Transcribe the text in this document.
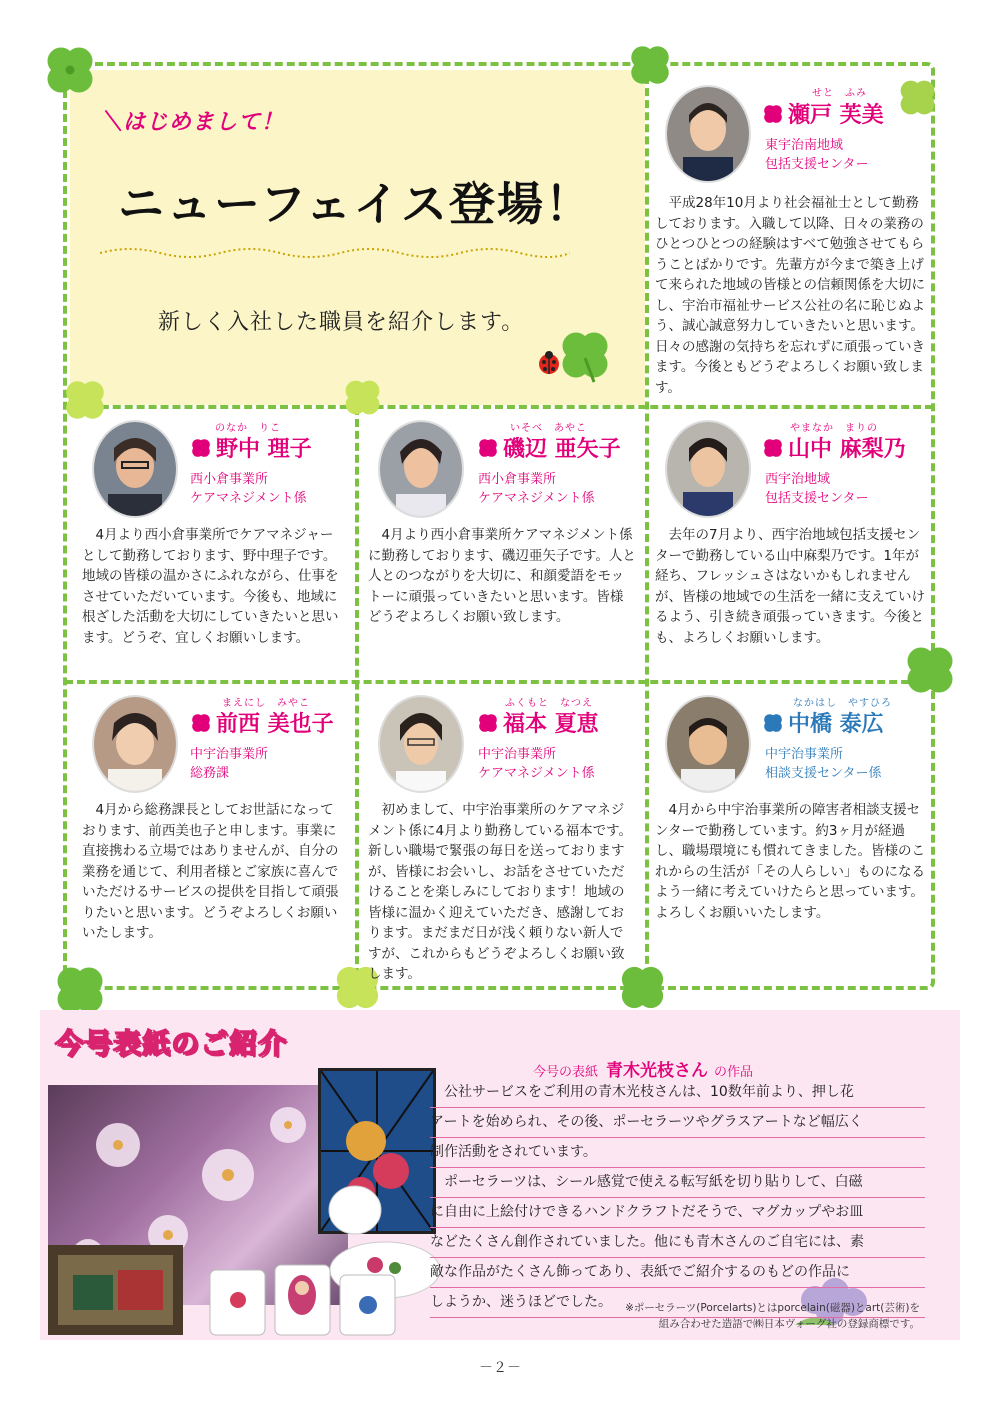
＼はじめまして！
ニューフェイス登場！
新しく入社した職員を紹介します。
せと　ふみ
瀬戸 芙美
東宇治南地域
包括支援センター
平成28年10月より社会福祉士として勤務しております。入職して以降、日々の業務のひとつひとつの経験はすべて勉強させてもらうことばかりです。先輩方が今まで築き上げて来られた地域の皆様との信頼関係を大切にし、宇治市福祉サービス公社の名に恥じぬよう、誠心誠意努力していきたいと思います。日々の感謝の気持ちを忘れずに頑張っていきます。今後ともどうぞよろしくお願い致します。
のなか　りこ
野中 理子
西小倉事業所
ケアマネジメント係
4月より西小倉事業所でケアマネジャーとして勤務しております、野中理子です。地域の皆様の温かさにふれながら、仕事をさせていただいています。今後も、地域に根ざした活動を大切にしていきたいと思います。どうぞ、宜しくお願いします。
いそべ　あやこ
磯辺 亜矢子
西小倉事業所
ケアマネジメント係
4月より西小倉事業所ケアマネジメント係に勤務しております、磯辺亜矢子です。人と人とのつながりを大切に、和顔愛語をモットーに頑張っていきたいと思います。皆様どうぞよろしくお願い致します。
やまなか　まりの
山中 麻梨乃
西宇治地域
包括支援センター
去年の7月より、西宇治地域包括支援センターで勤務している山中麻梨乃です。1年が経ち、フレッシュさはないかもしれませんが、皆様の地域での生活を一緒に支えていけるよう、引き続き頑張っていきます。今後とも、よろしくお願いします。
まえにし　みやこ
前西 美也子
中宇治事業所
総務課
4月から総務課長としてお世話になっております、前西美也子と申します。事業に直接携わる立場ではありませんが、自分の業務を通じて、利用者様とご家族に喜んでいただけるサービスの提供を目指して頑張りたいと思います。どうぞよろしくお願いいたします。
ふくもと　なつえ
福本 夏恵
中宇治事業所
ケアマネジメント係
初めまして、中宇治事業所のケアマネジメント係に4月より勤務している福本です。新しい職場で緊張の毎日を送っておりますが、皆様にお会いし、お話をさせていただけることを楽しみにしております！地域の皆様に温かく迎えていただき、感謝しております。まだまだ日が浅く頼りない新人ですが、これからもどうぞよろしくお願い致します。
なかはし　やすひろ
中橋 泰広
中宇治事業所
相談支援センター係
4月から中宇治事業所の障害者相談支援センターで勤務しています。約3ヶ月が経過し、職場環境にも慣れてきました。皆様のこれからの生活が「その人らしい」ものになるよう一緒に考えていけたらと思っています。よろしくお願いいたします。
今号表紙のご紹介
今号の表紙 青木光枝さん の作品
　公社サービスをご利用の青木光枝さんは、10数年前より、押し花
アートを始められ、その後、ポーセラーツやグラスアートなど幅広く
制作活動をされています。
　ポーセラーツは、シール感覚で使える転写紙を切り貼りして、白磁
に自由に上絵付けできるハンドクラフトだそうで、マグカップやお皿
などたくさん創作されていました。他にも青木さんのご自宅には、素
敵な作品がたくさん飾ってあり、表紙でご紹介するのもどの作品に
しようか、迷うほどでした。	※ポーセラーツ(Porcelarts)とはporcelain(磁器)とart(芸術)を
組み合わせた造語で㈱日本ヴォーグ社の登録商標です。
－２－
